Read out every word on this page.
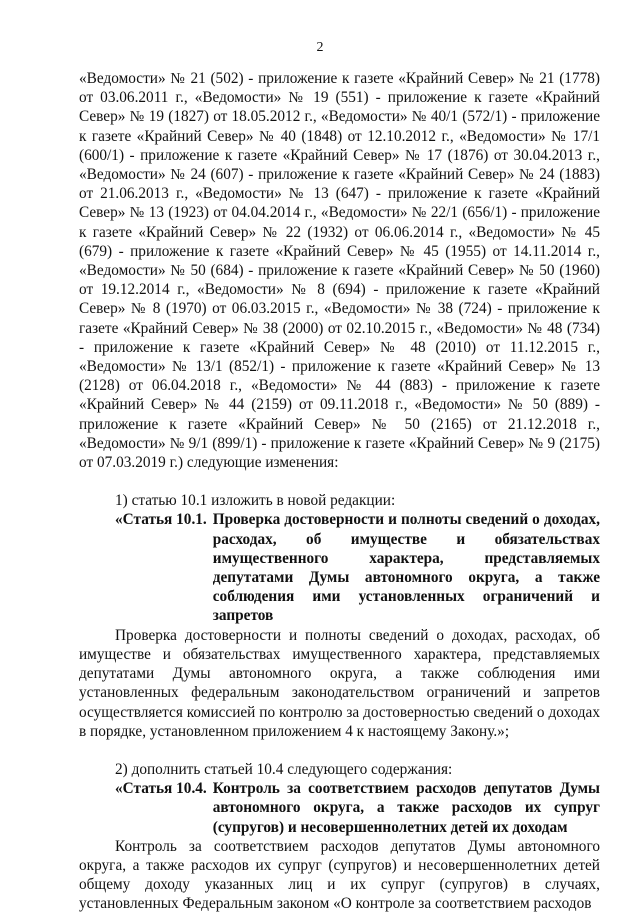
2

«Ведомости» № 21 (502) - приложение к газете «Крайний Север» № 21 (1778) от 03.06.2011 г., «Ведомости» № 19 (551) - приложение к газете «Крайний Север» № 19 (1827) от 18.05.2012 г., «Ведомости» № 40/1 (572/1) - приложение к газете «Крайний Север» № 40 (1848) от 12.10.2012 г., «Ведомости» № 17/1 (600/1) - приложение к газете «Крайний Север» № 17 (1876) от 30.04.2013 г., «Ведомости» № 24 (607) - приложение к газете «Крайний Север» № 24 (1883) от 21.06.2013 г., «Ведомости» № 13 (647) - приложение к газете «Крайний Север» № 13 (1923) от 04.04.2014 г., «Ведомости» № 22/1 (656/1) - приложение к газете «Крайний Север» № 22 (1932) от 06.06.2014 г., «Ведомости» № 45 (679) - приложение к газете «Крайний Север» № 45 (1955) от 14.11.2014 г., «Ведомости» № 50 (684) - приложение к газете «Крайний Север» № 50 (1960) от 19.12.2014 г., «Ведомости» № 8 (694) - приложение к газете «Крайний Север» № 8 (1970) от 06.03.2015 г., «Ведомости» № 38 (724) - приложение к газете «Крайний Север» № 38 (2000) от 02.10.2015 г., «Ведомости» № 48 (734) - приложение к газете «Крайний Север» № 48 (2010) от 11.12.2015 г., «Ведомости» № 13/1 (852/1) - приложение к газете «Крайний Север» № 13 (2128) от 06.04.2018 г., «Ведомости» № 44 (883) - приложение к газете «Крайний Север» № 44 (2159) от 09.11.2018 г., «Ведомости» № 50 (889) - приложение к газете «Крайний Север» № 50 (2165) от 21.12.2018 г., «Ведомости» № 9/1 (899/1) - приложение к газете «Крайний Север» № 9 (2175) от 07.03.2019 г.) следующие изменения:

1) статью 10.1 изложить в новой редакции:

«Статья 10.1. Проверка достоверности и полноты сведений о доходах, расходах, об имуществе и обязательствах имущественного характера, представляемых депутатами Думы автономного округа, а также соблюдения ими установленных ограничений и запретов

Проверка достоверности и полноты сведений о доходах, расходах, об имуществе и обязательствах имущественного характера, представляемых депутатами Думы автономного округа, а также соблюдения ими установленных федеральным законодательством ограничений и запретов осуществляется комиссией по контролю за достоверностью сведений о доходах в порядке, установленном приложением 4 к настоящему Закону.»;

2) дополнить статьей 10.4 следующего содержания:

«Статья 10.4. Контроль за соответствием расходов депутатов Думы автономного округа, а также расходов их супруг (супругов) и несовершеннолетних детей их доходам

Контроль за соответствием расходов депутатов Думы автономного округа, а также расходов их супруг (супругов) и несовершеннолетних детей общему доходу указанных лиц и их супруг (супругов) в случаях, установленных Федеральным законом «О контроле за соответствием расходов
